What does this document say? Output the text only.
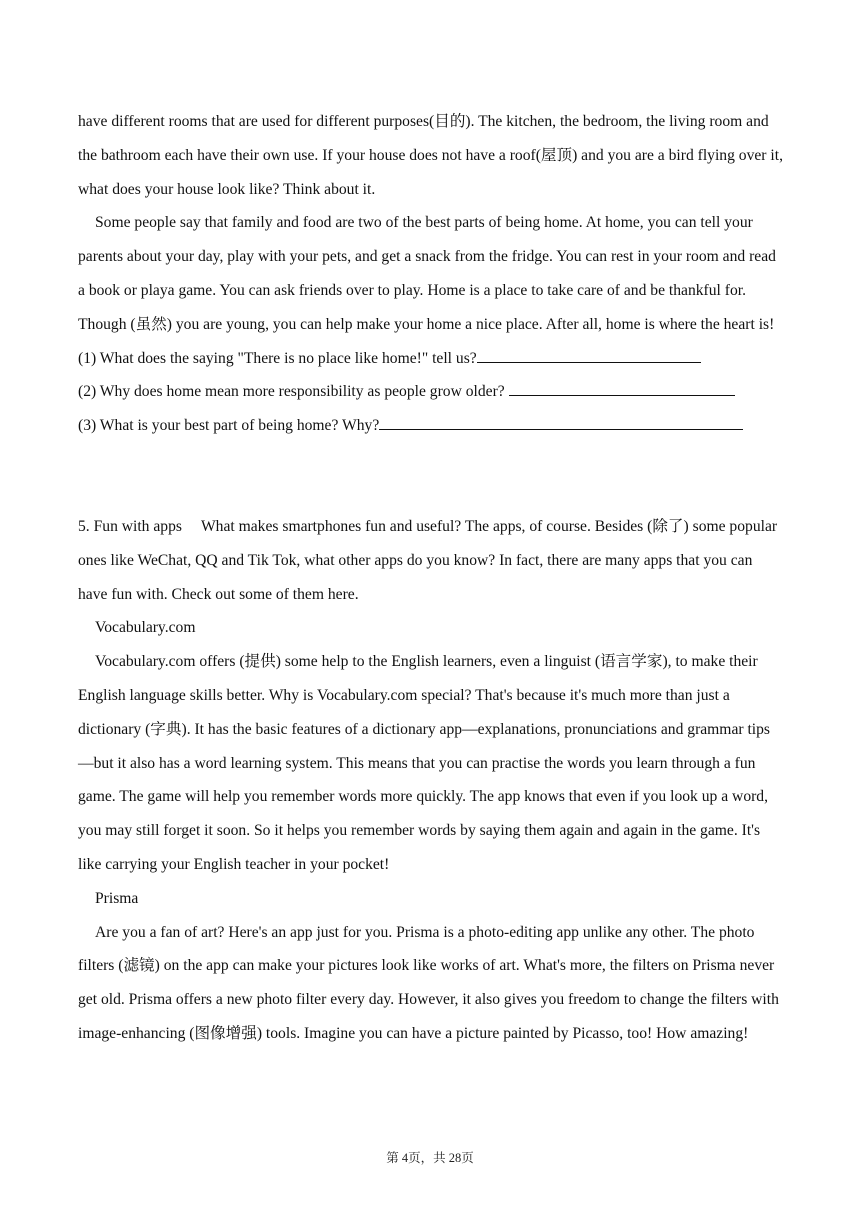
have different rooms that are used for different purposes(目的). The kitchen, the bedroom, the living room and the bathroom each have their own use. If your house does not have a roof(屋顶) and you are a bird flying over it, what does your house look like? Think about it.

Some people say that family and food are two of the best parts of being home. At home, you can tell your parents about your day, play with your pets, and get a snack from the fridge. You can rest in your room and read a book or playa game. You can ask friends over to play. Home is a place to take care of and be thankful for. Though (虽然) you are young, you can help make your home a nice place. After all, home is where the heart is!

(1) What does the saying "There is no place like home!" tell us?

(2) Why does home mean more responsibility as people grow older?

(3) What is your best part of being home? Why?

5. Fun with apps What makes smartphones fun and useful? The apps, of course. Besides (除了) some popular ones like WeChat, QQ and Tik Tok, what other apps do you know? In fact, there are many apps that you can have fun with. Check out some of them here.

Vocabulary.com

Vocabulary.com offers (提供) some help to the English learners, even a linguist (语言学家), to make their English language skills better. Why is Vocabulary.com special? That's because it's much more than just a dictionary (字典). It has the basic features of a dictionary app—explanations, pronunciations and grammar tips—but it also has a word learning system. This means that you can practise the words you learn through a fun game. The game will help you remember words more quickly. The app knows that even if you look up a word, you may still forget it soon. So it helps you remember words by saying them again and again in the game. It's like carrying your English teacher in your pocket!

Prisma

Are you a fan of art? Here's an app just for you. Prisma is a photo-editing app unlike any other. The photo filters (滤镜) on the app can make your pictures look like works of art. What's more, the filters on Prisma never get old. Prisma offers a new photo filter every day. However, it also gives you freedom to change the filters with image-enhancing (图像增强) tools. Imagine you can have a picture painted by Picasso, too! How amazing!

第 4页，共 28页
